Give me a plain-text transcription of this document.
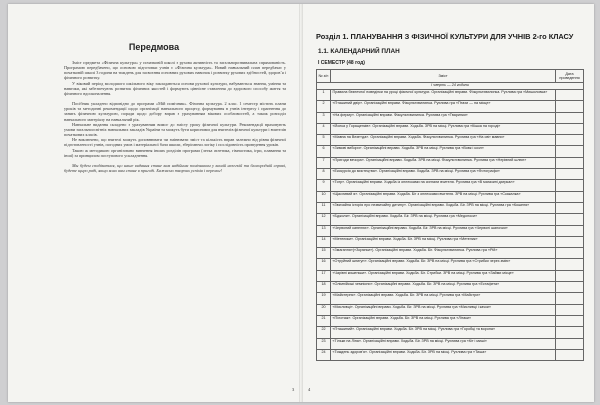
Передмова

Зміст предмета «Фізична культура» у початковій школі з рухова активність та загальнорозвивальна спрямованість. Програмою передбачено, що основою підготовки учнів є «Фізична культура». Новий навчальний план передбачає у початковій школі 3 години на тиждень для засвоєння основних рухових навичок і розвитку рухових здібностей, здоров’я і фізичного розвитку.

У віковий період молодшого шкільного віку закладаються основи рухової культури, набуваються знання, уміння та навички, які забезпечують розвиток фізичних якостей і формують ціннісне ставлення до здорового способу життя та фізичного вдосконалення.

Посібник укладено відповідно до програми «Мій помічник». Фізична культура. 2 клас. 1 семестр містить плани уроків та методичні рекомендації щодо організації навчального процесу, формування в учнів інтересу і прагнення до занять фізичною культурою, поради щодо добору вправ з урахуванням вікових особливостей, а також розподіл навчального матеріалу на навчальний рік.

Навчальне видання складено з урахуванням вимог до змісту уроку фізичної культури. Рекомендації враховують умови загальноосвітніх навчальних закладів України та можуть бути корисними для вчителів фізичної культури і вчителів початкових класів.

Не виключено, що вчителі можуть доповнювати чи змінювати зміст та кількість вправ залежно від рівня фізичної підготовленості учнів, погодних умов і матеріальної бази школи, зберігаючи логіку і послідовність проведення уроків.

Такою ж методикою організовано вивчення інших розділів програми (легка атлетика, гімнастика, ігри, плавання та інші) за принципом поступового ускладнення.

Мы будем сподіватися, що наше видання стане вам надійним помічником у вашій нелегкій та благородній справі, будете щиро раді, якщо воно вам стане в пригоді. Бажаємо творчих успіхів і перемог!

3
Розділ 1. ПЛАНУВАННЯ З ФІЗИЧНОЇ КУЛЬТУРИ ДЛЯ УЧНІВ 2-го КЛАСУ
1.1. КАЛЕНДАРНИЙ ПЛАН
I СЕМЕСТР (48 год)
№ з/п	Зміст	Дата проведення
I чверть — 24 години		
1	Правила безпечної поведінки на уроці фізичної культури. Організаційні вправи. Фізкультхвилинка. Рухлива гра «Мишоловка»	
2	«Пташиний двір». Організаційні вправи. Фізкультхвилинка. Рухлива гра «Птахи — на місце»	
3	«На ферму». Організаційні вправи. Фізкультхвилинка. Рухлива гра «Тваринки»	
4	«Йолка у Горащенків». Організаційні вправи. Ходьба. ЗРВ на місці. Рухлива гра «Кішка на городі»	
5	«Мавпа на Везе»да». Організаційні вправи. Ходьба. Фізкультхвилинка. Рухлива гра «На світ мавпи»	
6	«Зимові вибори». Організаційні вправи. Ходьба. ЗРВ на місці. Рухлива гра «Вовк і козл»	
7	«Пригоди вечора». Організаційні вправи. Ходьба. ЗРВ на місці. Фізкультхвилинка. Рухлива гра «Нерівний шлюп»	
8	«Екскурсія до мистецтва». Організаційні вправи. Ходьба. ЗРВ на місці. Рухлива гра «Фотографи»	
9	«Тигр». Організаційні вправи. Ходьба із оплесками на сигнали вчителя. Рухлива гра «В магазині дзеркал»	
10	«Щасливий я». Організаційні вправи. Ходьба. Біг з оплесками вчителя. ЗРВ на місці. Рухлива гра «Скакалка»	
11	«Звичайна історія про незвичайну дитину». Організаційні вправи. Ходьба. Біг. ЗРВ на місці. Рухлива гра «Кошеня»	
12	«Бджоли». Організаційні вправи. Ходьба. Біг. ЗРВ на місці. Рухлива гра «Медоноси»	
13	«Червоний капелюх». Організаційні вправи. Ходьба. Біг. ЗРВ на місці. Рухлива гра «Червоні шапочки»	
14	«Метелики». Організаційні вправи. Ходьба. Біг. ЗРВ на місці. Рухлива гра «Метелик»	
15	«Змагання»(«Зорянки»). Організаційні вправи. Ходьба. Біг. Фізкультхвилинка. Рухлива гра «Рій»	
16	«Отруйний шпигун». Організаційні вправи. Ходьба. Біг. ЗРВ на місці. Рухлива гра «Стрибки через змію»	
17	«Чарівні кишеньки». Організаційні вправи. Ходьба. Біг. Стрибки. ЗРВ на місці. Рухлива гра «Займи місце»	
18	«Олімпійські чемпіони». Організаційні вправи. Ходьба. Біг. ЗРВ на місці. Рухлива гра «Естафета»	
19	«Майстерня». Організаційні вправи. Ходьба. Біг. ЗРВ на місці. Рухлива гра «Майстри»	
20	«Мисливці». Організаційні вправи. Ходьба. Біг. ЗРВ на місці. Рухлива гра «Мисливці і качки»	
21	«Пілотаж». Організаційні вправи. Ходьба. Біг. ЗРВ на місці. Рухлива гра «Літаки»	
22	«Пташиний». Організаційні вправи. Ходьба. Біг. ЗРВ на місці. Рухлива гра «Горобці та ворона»	
23	«Тільки на Ліна». Організаційні вправи. Ходьба. Біг. ЗРВ на місці. Рухлива гра «Кіт і миші»	
24	«Тиждень здоров’я». Організаційні вправи. Ходьба. Біг. ЗРВ на місці. Рухлива гра «Тиша»	
4
